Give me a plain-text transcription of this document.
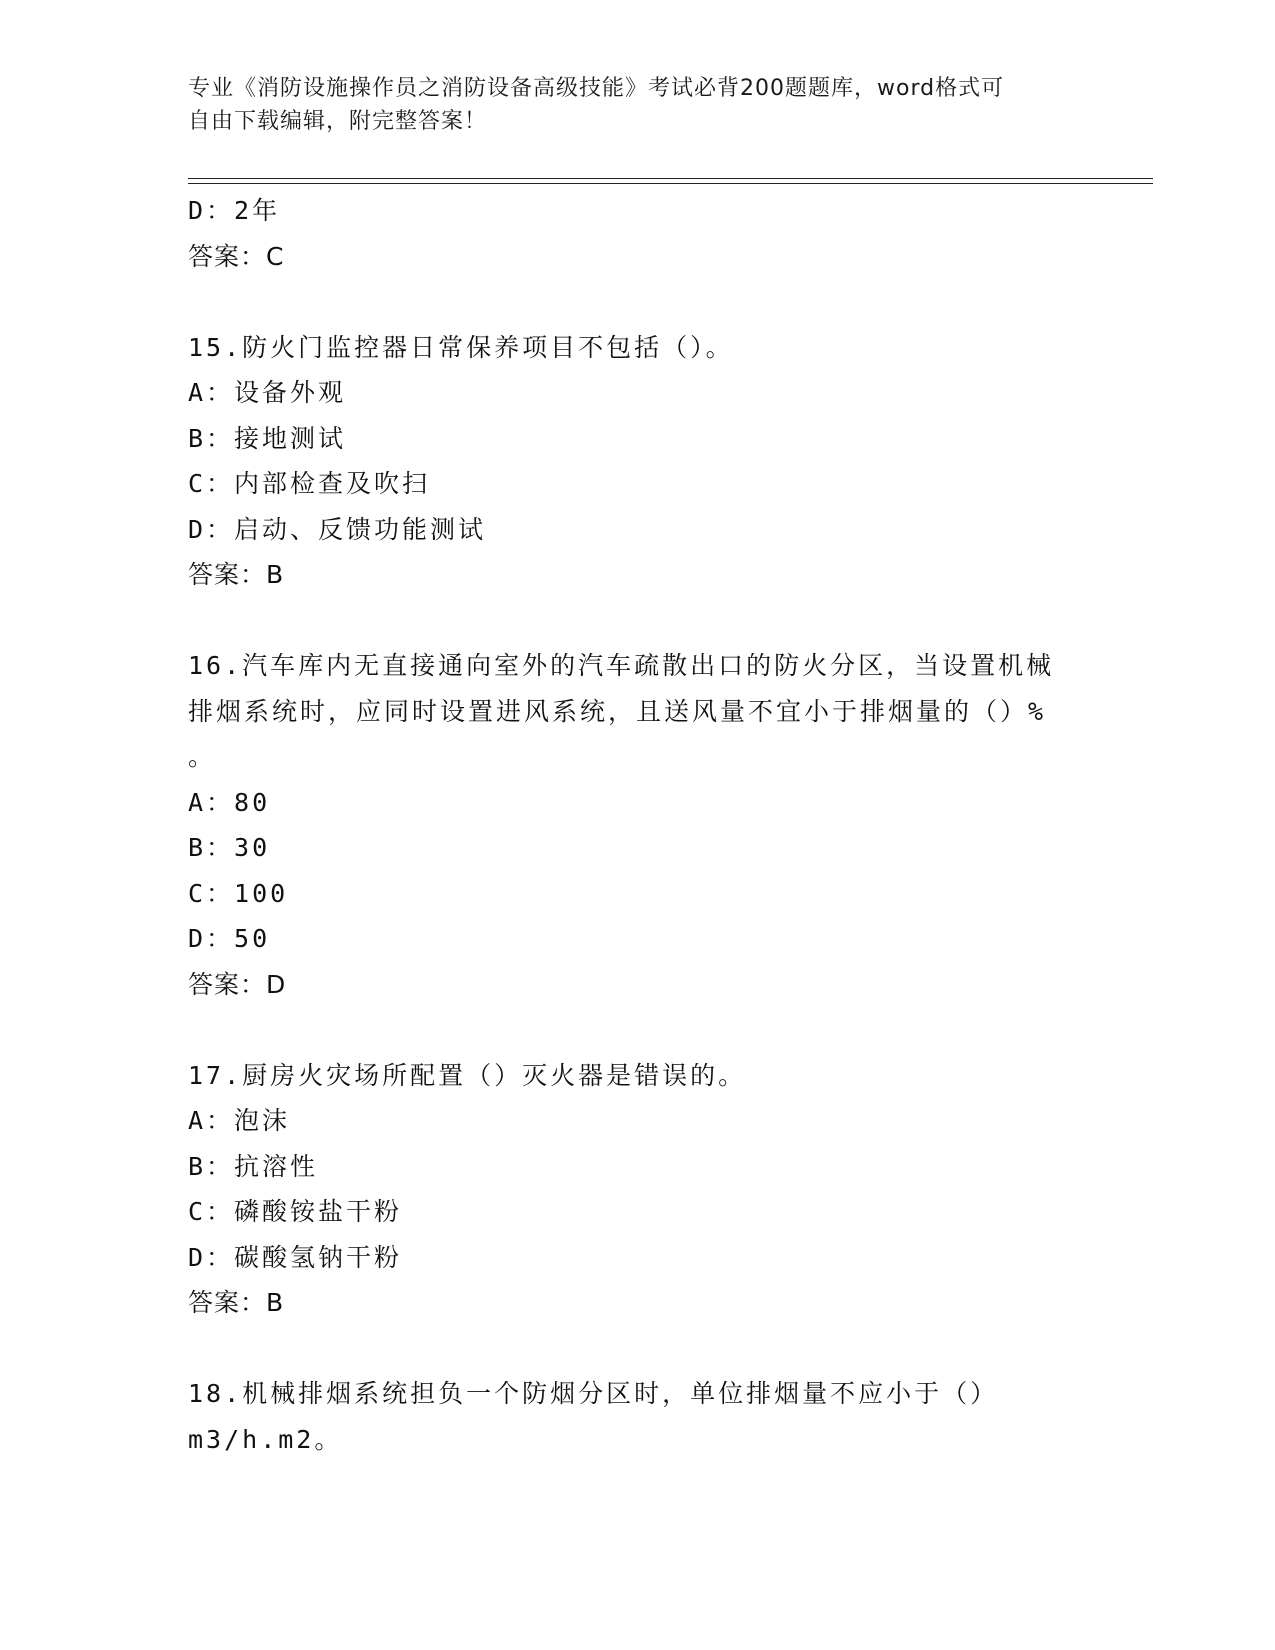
专业《消防设施操作员之消防设备高级技能》考试必背200题题库，word格式可
自由下载编辑，附完整答案！
D：2年
答案：C
15.防火门监控器日常保养项目不包括（）。
A：设备外观
B：接地测试
C：内部检查及吹扫
D：启动、反馈功能测试
答案：B
16.汽车库内无直接通向室外的汽车疏散出口的防火分区，当设置机械
排烟系统时，应同时设置进风系统，且送风量不宜小于排烟量的（）%
。
A：80
B：30
C：100
D：50
答案：D
17.厨房火灾场所配置（）灭火器是错误的。
A：泡沫
B：抗溶性
C：磷酸铵盐干粉
D：碳酸氢钠干粉
答案：B
18.机械排烟系统担负一个防烟分区时，单位排烟量不应小于（）
m3/h.m2。
